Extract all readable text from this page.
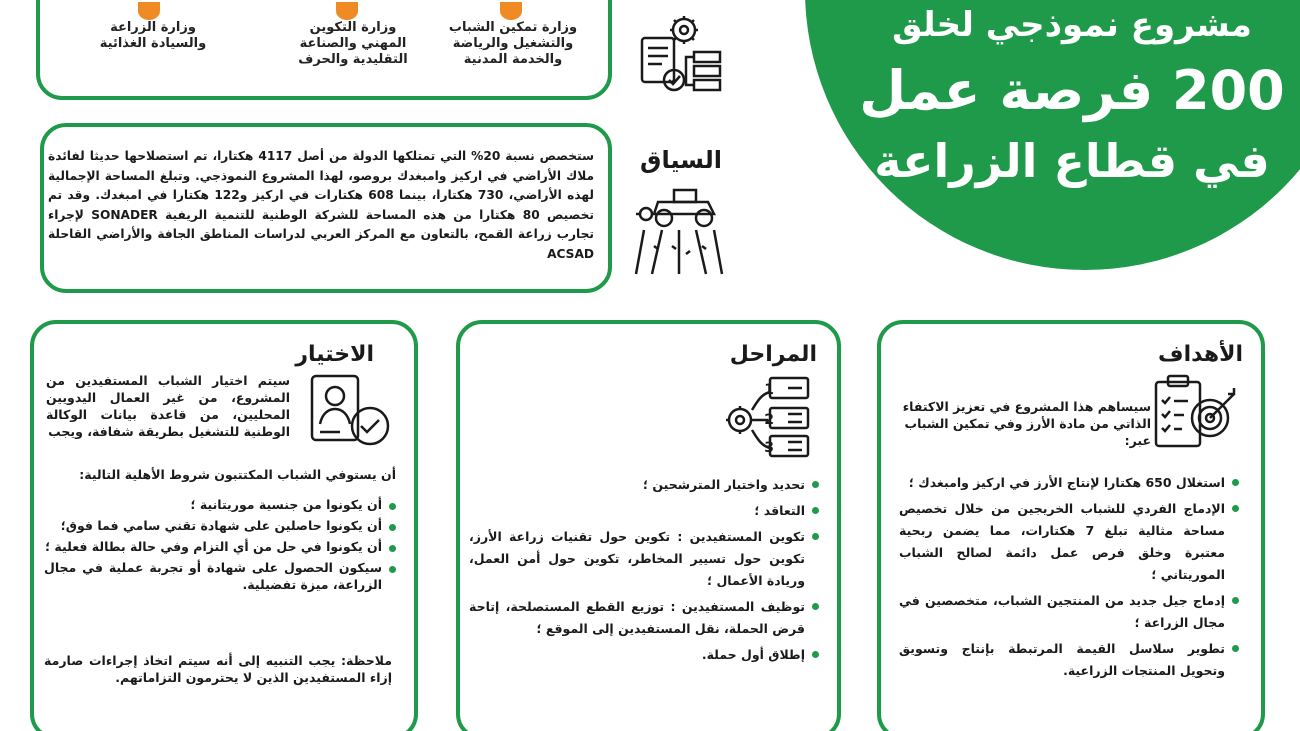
مشروع نموذجي لخلق
200 فرصة عمل
في قطاع الزراعة
وزارة تمكين الشباب والتشغيل والرياضة والخدمة المدنية
وزارة التكوين المهني والصناعة التقليدية والحرف
وزارة الزراعة والسيادة الغذائية
ستخصص نسبة 20% التي تمتلكها الدولة من أصل 4117 هكتارا، تم استصلاحها حديثا لفائدة ملاك الأراضي في اركيز وامبغدك بروصو، لهذا المشروع النموذجي. وتبلغ المساحة الإجمالية لهذه الأراضي، 730 هكتارا، بينما 608 هكتارات في اركيز و122 هكتارا في امبغدك. وقد تم تخصيص 80 هكتارا من هذه المساحة للشركة الوطنية للتنمية الريفية SONADER لإجراء تجارب زراعة القمح، بالتعاون مع المركز العربي لدراسات المناطق الجافة والأراضي القاحلة ACSAD
السياق
الأهداف
سيساهم هذا المشروع في تعزيز الاكتفاء الذاتي من مادة الأرز وفي تمكين الشباب عبر:
استغلال 650 هكتارا لإنتاج الأرز في اركيز وامبغدك ؛
الإدماج الفردي للشباب الخريجين من خلال تخصيص مساحة مثالية تبلغ 7 هكتارات، مما يضمن ربحية معتبرة وخلق فرص عمل دائمة لصالح الشباب الموريتاني ؛
إدماج جيل جديد من المنتجين الشباب، متخصصين في مجال الزراعة ؛
تطوير سلاسل القيمة المرتبطة بإنتاج وتسويق وتحويل المنتجات الزراعية.
المراحل
تحديد واختيار المترشحين ؛
التعاقد ؛
تكوين المستفيدين : تكوين حول تقنيات زراعة الأرز، تكوين حول تسيير المخاطر، تكوين حول أمن العمل، وريادة الأعمال ؛
توظيف المستفيدين : توزيع القطع المستصلحة، إتاحة قرض الحملة، نقل المستفيدين إلى الموقع ؛
إطلاق أول حملة.
1
2
3
الاختيار
سيتم اختيار الشباب المستفيدين من المشروع، من غير العمال اليدويين المحليين، من قاعدة بيانات الوكالة الوطنية للتشغيل بطريقة شفافة، ويجب
أن يستوفي الشباب المكتتبون شروط الأهلية التالية:
أن يكونوا من جنسية موريتانية ؛
أن يكونوا حاصلين على شهادة تقني سامي فما فوق؛
أن يكونوا في حل من أي التزام وفي حالة بطالة فعلية ؛
سيكون الحصول على شهادة أو تجربة عملية في مجال الزراعة، ميزة تفضيلية.
ملاحظة: يجب التنبيه إلى أنه سيتم اتخاذ إجراءات صارمة إزاء المستفيدين الذين لا يحترمون التزاماتهم.
